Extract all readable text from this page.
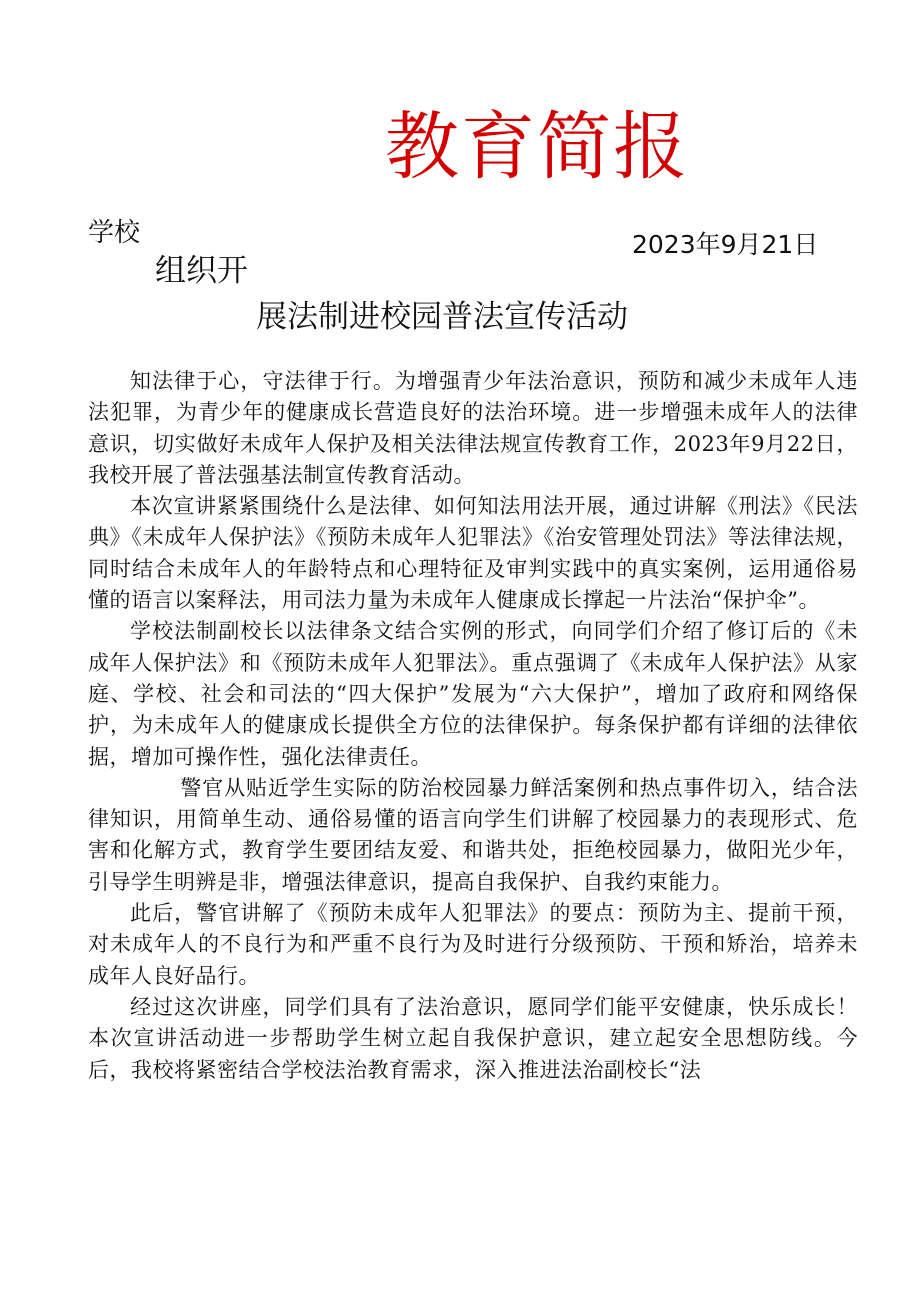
教育简报
学校	2023年9月21日
组织开
展法制进校园普法宣传活动

知法律于心，守法律于行。为增强青少年法治意识，预防和减少未成年人违法犯罪，为青少年的健康成长营造良好的法治环境。进一步增强未成年人的法律意识，切实做好未成年人保护及相关法律法规宣传教育工作，2023年9月22日，我校开展了普法强基法制宣传教育活动。

本次宣讲紧紧围绕什么是法律、如何知法用法开展，通过讲解《刑法》《民法典》《未成年人保护法》《预防未成年人犯罪法》《治安管理处罚法》等法律法规，同时结合未成年人的年龄特点和心理特征及审判实践中的真实案例，运用通俗易懂的语言以案释法，用司法力量为未成年人健康成长撑起一片法治“保护伞”。

学校法制副校长以法律条文结合实例的形式，向同学们介绍了修订后的《未成年人保护法》和《预防未成年人犯罪法》。重点强调了《未成年人保护法》从家庭、学校、社会和司法的“四大保护”发展为“六大保护”，增加了政府和网络保护，为未成年人的健康成长提供全方位的法律保护。每条保护都有详细的法律依据，增加可操作性，强化法律责任。

警官从贴近学生实际的防治校园暴力鲜活案例和热点事件切入，结合法律知识，用简单生动、通俗易懂的语言向学生们讲解了校园暴力的表现形式、危害和化解方式，教育学生要团结友爱、和谐共处，拒绝校园暴力，做阳光少年，引导学生明辨是非，增强法律意识，提高自我保护、自我约束能力。

此后，警官讲解了《预防未成年人犯罪法》的要点：预防为主、提前干预，对未成年人的不良行为和严重不良行为及时进行分级预防、干预和矫治，培养未成年人良好品行。

经过这次讲座，同学们具有了法治意识，愿同学们能平安健康，快乐成长！本次宣讲活动进一步帮助学生树立起自我保护意识，建立起安全思想防线。今后，我校将紧密结合学校法治教育需求，深入推进法治副校长“法
